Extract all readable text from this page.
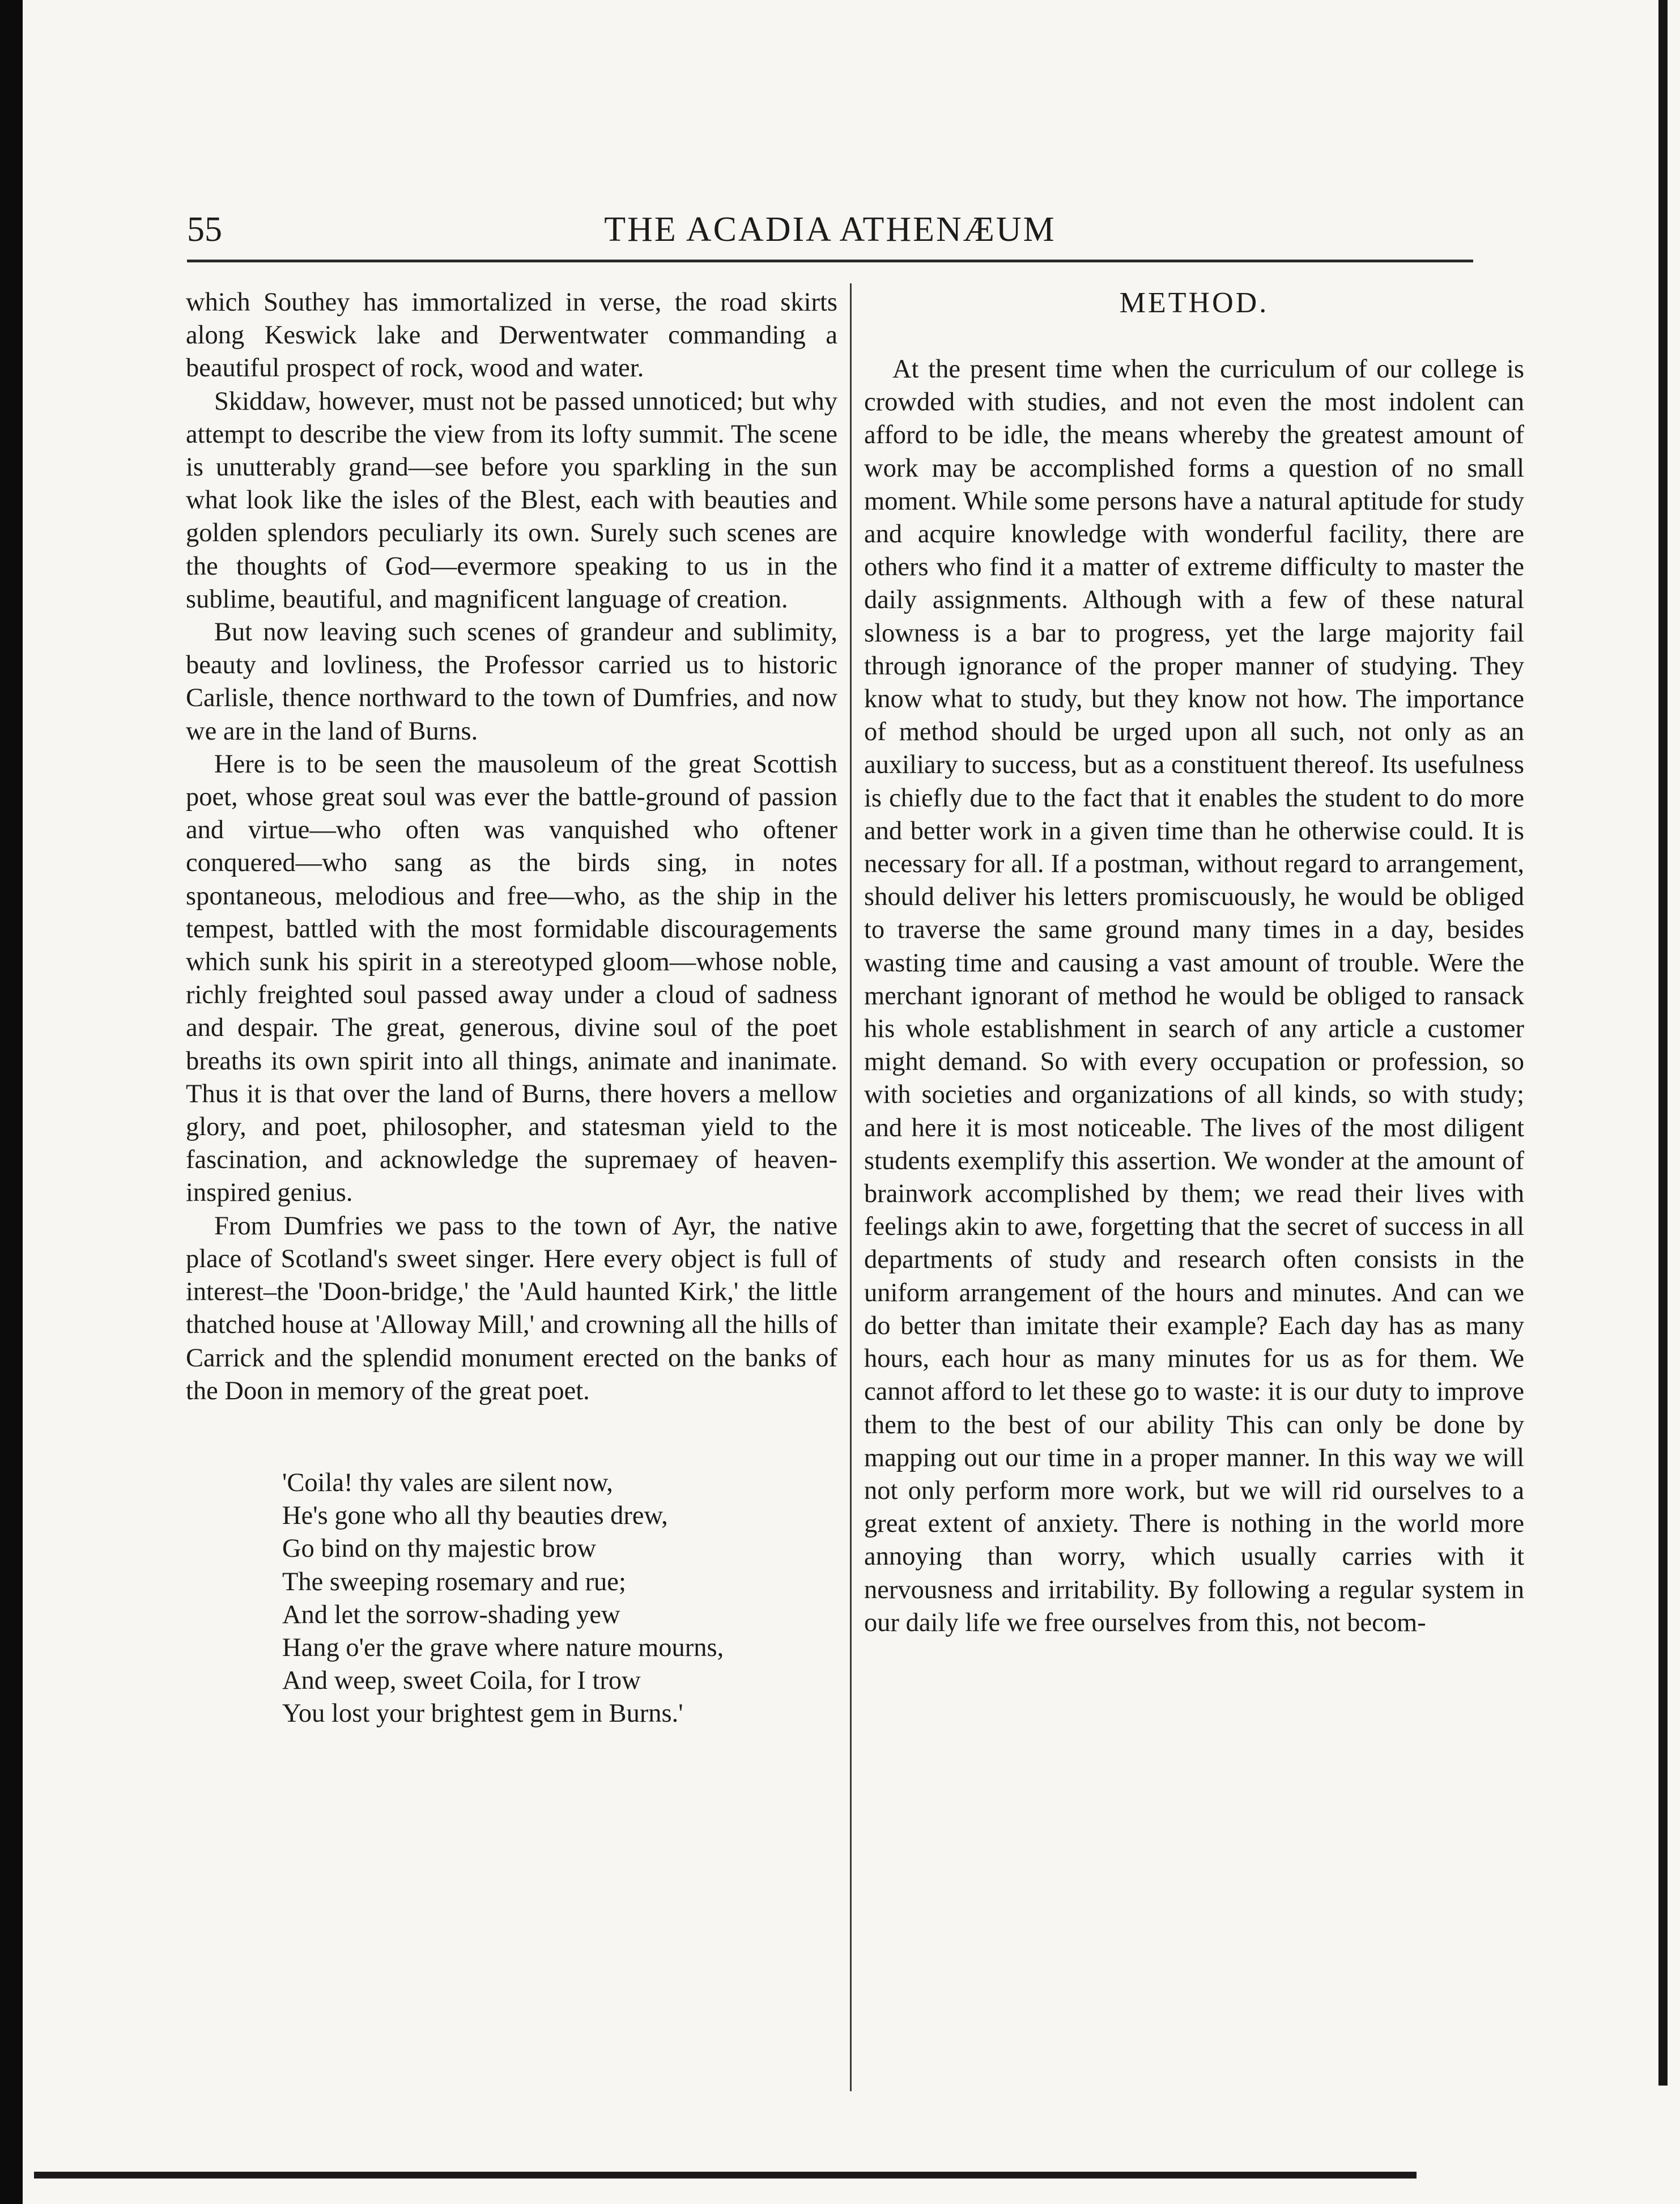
55	THE ACADIA ATHENÆUM

which Southey has immortalized in verse, the road skirts along Keswick lake and Derwentwater commanding a beautiful prospect of rock, wood and water.

Skiddaw, however, must not be passed unnoticed; but why attempt to describe the view from its lofty summit. The scene is unutterably grand—see before you sparkling in the sun what look like the isles of the Blest, each with beauties and golden splendors peculiarly its own. Surely such scenes are the thoughts of God—evermore speaking to us in the sublime, beautiful, and magnificent language of creation.

But now leaving such scenes of grandeur and sublimity, beauty and lovliness, the Professor carried us to historic Carlisle, thence northward to the town of Dumfries, and now we are in the land of Burns.

Here is to be seen the mausoleum of the great Scottish poet, whose great soul was ever the battle-ground of passion and virtue—who often was vanquished who oftener conquered—who sang as the birds sing, in notes spontaneous, melodious and free—who, as the ship in the tempest, battled with the most formidable discouragements which sunk his spirit in a stereotyped gloom—whose noble, richly freighted soul passed away under a cloud of sadness and despair. The great, generous, divine soul of the poet breaths its own spirit into all things, animate and inanimate. Thus it is that over the land of Burns, there hovers a mellow glory, and poet, philosopher, and statesman yield to the fascination, and acknowledge the supremaey of heaven-inspired genius.

From Dumfries we pass to the town of Ayr, the native place of Scotland's sweet singer. Here every object is full of interest–the 'Doon-bridge,' the 'Auld haunted Kirk,' the little thatched house at 'Alloway Mill,' and crowning all the hills of Carrick and the splendid monument erected on the banks of the Doon in memory of the great poet.

'Coila! thy vales are silent now,
He's gone who all thy beauties drew,
Go bind on thy majestic brow
The sweeping rosemary and rue;
And let the sorrow-shading yew
Hang o'er the grave where nature mourns,
And weep, sweet Coila, for I trow
You lost your brightest gem in Burns.'
METHOD.

At the present time when the curriculum of our college is crowded with studies, and not even the most indolent can afford to be idle, the means whereby the greatest amount of work may be accomplished forms a question of no small moment. While some persons have a natural aptitude for study and acquire knowledge with wonderful facility, there are others who find it a matter of extreme difficulty to master the daily assignments. Although with a few of these natural slowness is a bar to progress, yet the large majority fail through ignorance of the proper manner of studying. They know what to study, but they know not how. The importance of method should be urged upon all such, not only as an auxiliary to success, but as a constituent thereof. Its usefulness is chiefly due to the fact that it enables the student to do more and better work in a given time than he otherwise could. It is necessary for all. If a postman, without regard to arrangement, should deliver his letters promiscuously, he would be obliged to traverse the same ground many times in a day, besides wasting time and causing a vast amount of trouble. Were the merchant ignorant of method he would be obliged to ransack his whole establishment in search of any article a customer might demand. So with every occupation or profession, so with societies and organizations of all kinds, so with study; and here it is most noticeable. The lives of the most diligent students exemplify this assertion. We wonder at the amount of brainwork accomplished by them; we read their lives with feelings akin to awe, forgetting that the secret of success in all departments of study and research often consists in the uniform arrangement of the hours and minutes. And can we do better than imitate their example? Each day has as many hours, each hour as many minutes for us as for them. We cannot afford to let these go to waste: it is our duty to improve them to the best of our ability This can only be done by mapping out our time in a proper manner. In this way we will not only perform more work, but we will rid ourselves to a great extent of anxiety. There is nothing in the world more annoying than worry, which usually carries with it nervousness and irritability. By following a regular system in our daily life we free ourselves from this, not becom-
